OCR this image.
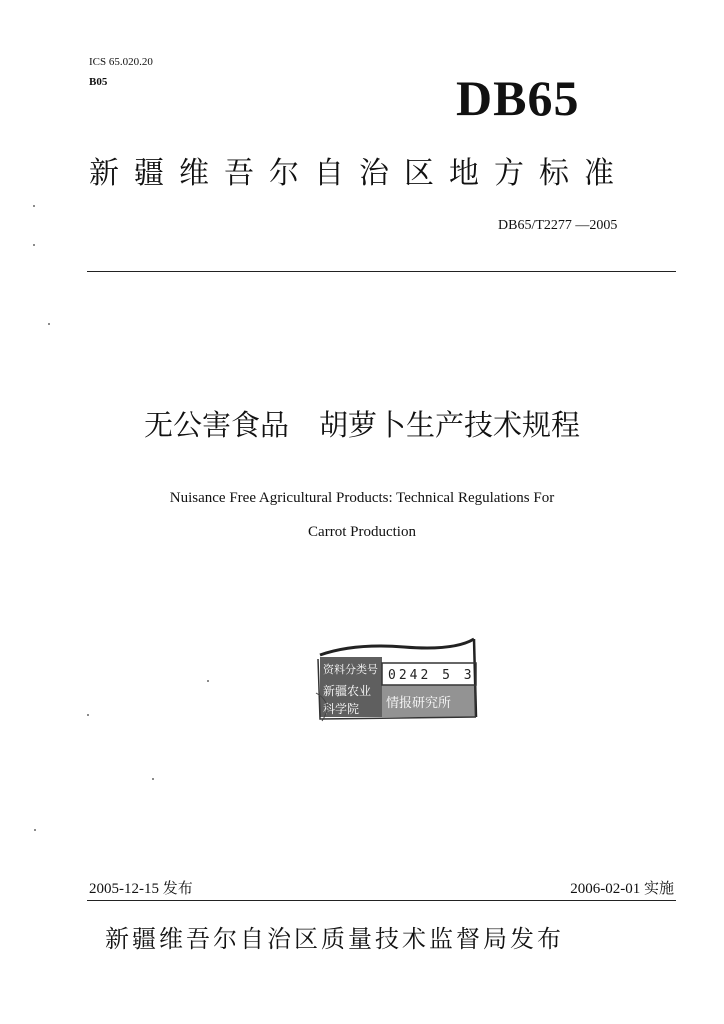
ICS 65.020.20
B05	DB65
新疆维吾尔自治区地方标准
DB65/T2277 —2005
无公害食品 胡萝卜生产技术规程
Nuisance Free Agricultural Products: Technical Regulations For
Carrot Production
0242 5 3
资料分类号
新疆农业
科学院 情报研究所
2005-12-15 发布	2006-02-01 实施
新疆维吾尔自治区质量技术监督局发布
